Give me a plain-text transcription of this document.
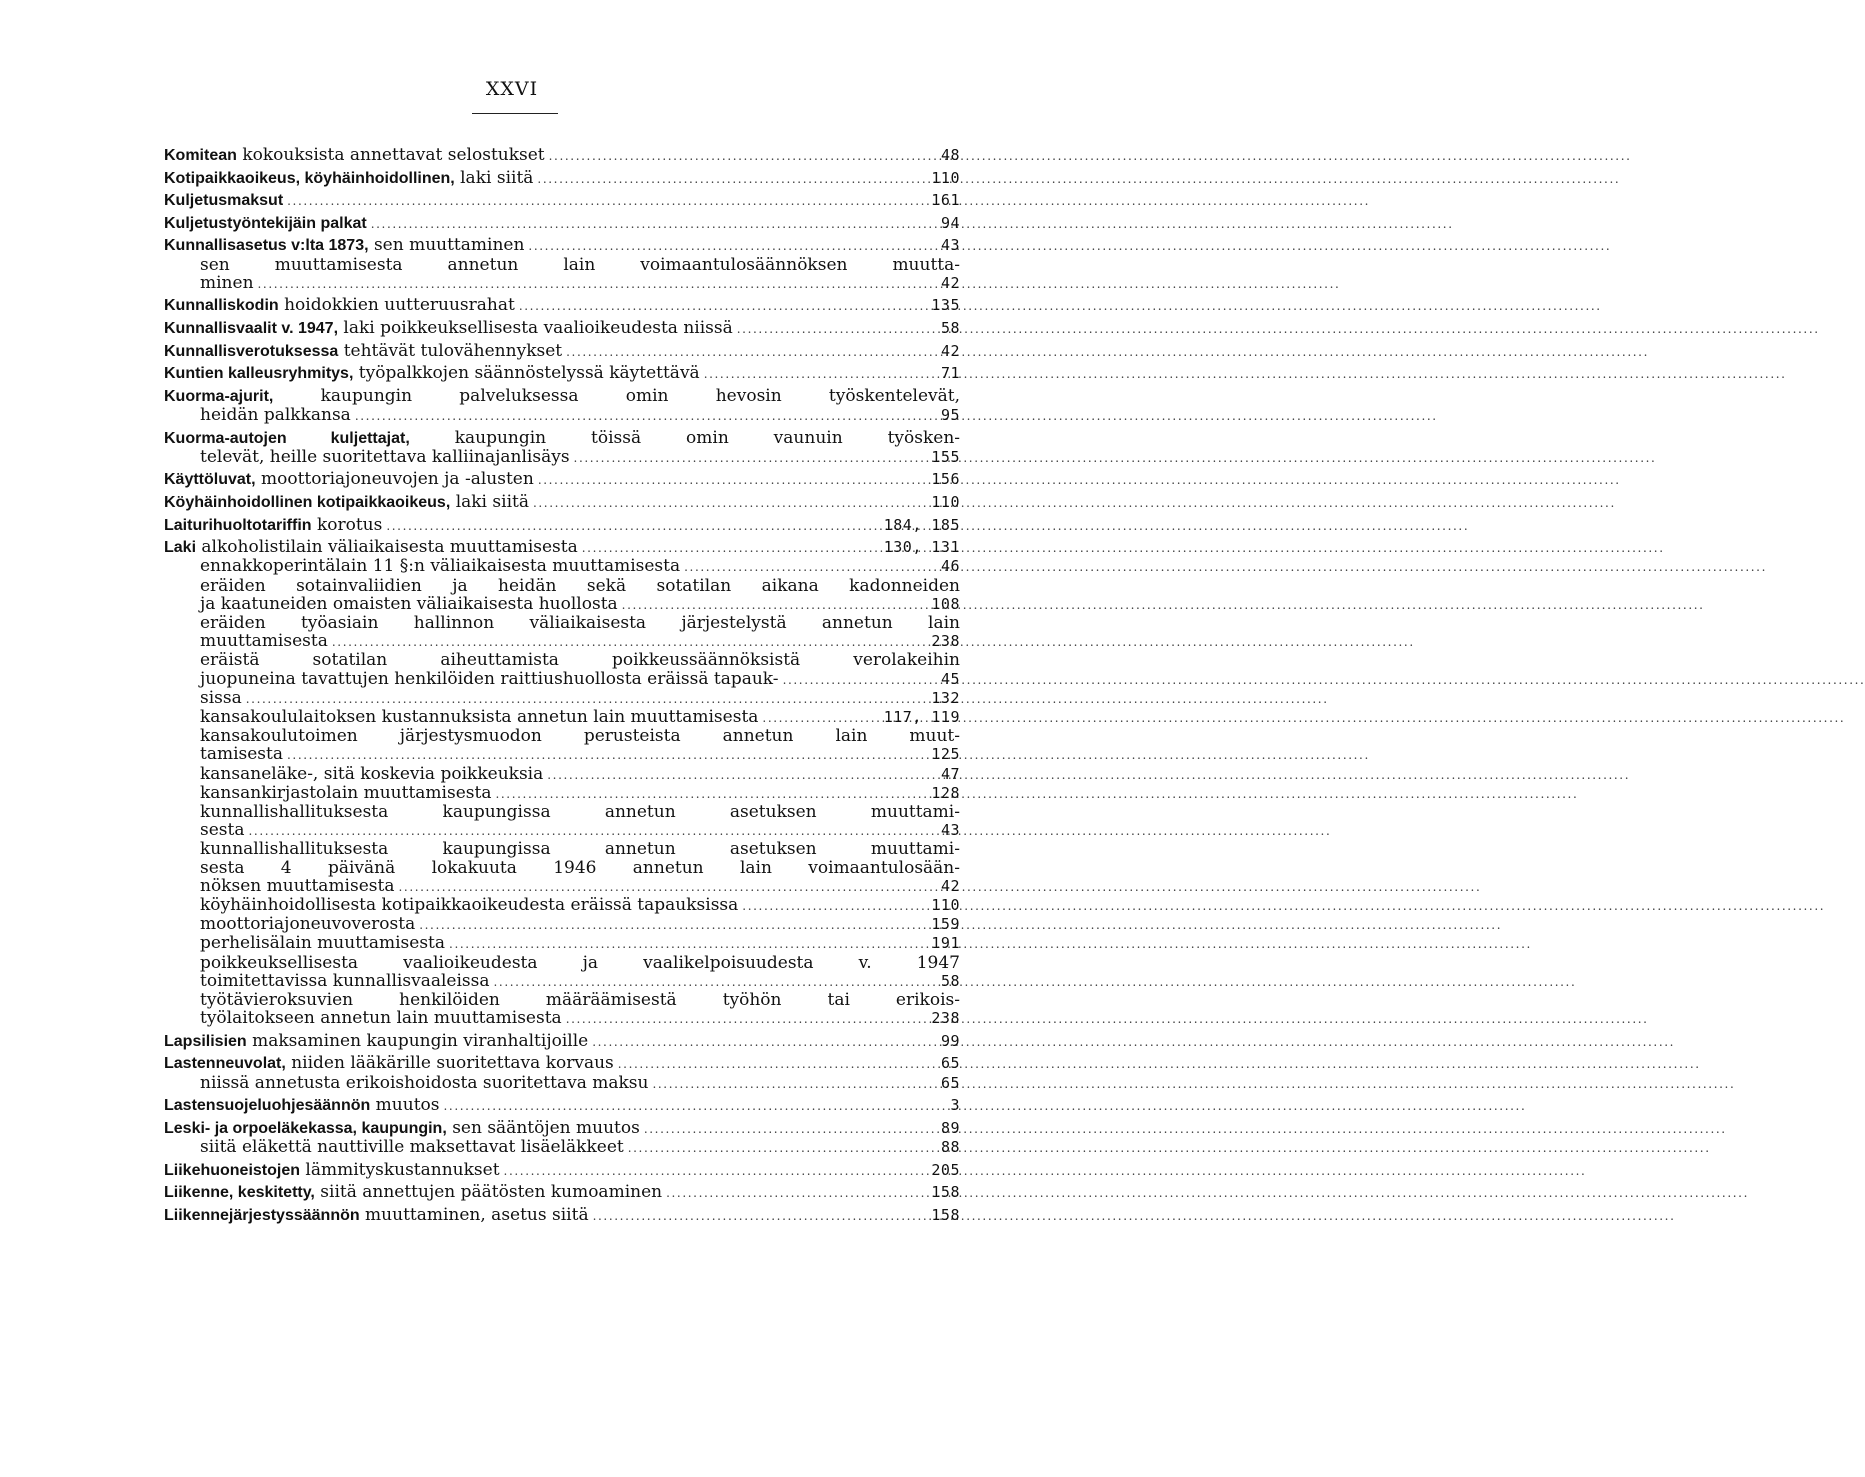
XXVI
Komitean kokouksista annettavat selostukset .....	48
Kotipaikkaoikeus, köyhäinhoidollinen, laki siitä .....	110
Kuljetusmaksut .....	161
Kuljetustyöntekijäin palkat .....	94
Kunnallisasetus v:lta 1873, sen muuttaminen .....	43
sen muuttamisesta annetun lain voimaantulosäännöksen muutta-
minen .....	42
Kunnalliskodin hoidokkien uutteruusrahat .....	135
Kunnallisvaalit v. 1947, laki poikkeuksellisesta vaalioikeudesta niissä .....	58
Kunnallisverotuksessa tehtävät tulovähennykset .....	42
Kuntien kalleusryhmitys, työpalkkojen säännöstelyssä käytettävä .....	71
Kuorma-ajurit,	kaupungin palveluksessa omin hevosin työskentelevät,
heidän palkkansa .....	95
Kuorma-autojen kuljettajat,	kaupungin töissä omin vaunuin työsken-
televät, heille suoritettava kalliinajanlisäys .....	155
Käyttöluvat, moottoriajoneuvojen ja -alusten .....	156
Köyhäinhoidollinen kotipaikkaoikeus, laki siitä .....	110
Laiturihuoltotariffin korotus .....	184, 185
Laki alkoholistilain väliaikaisesta muuttamisesta .....	130, 131
ennakkoperintälain 11 §:n väliaikaisesta muuttamisesta .....	46
eräiden sotainvaliidien ja heidän sekä sotatilan aikana kadonneiden
ja kaatuneiden omaisten väliaikaisesta huollosta .....	108
eräiden työasiain hallinnon väliaikaisesta järjestelystä annetun lain
muuttamisesta .....	238
eräistä sotatilan aiheuttamista poikkeussäännöksistä verolakeihin
juopuneina tavattujen henkilöiden raittiushuollosta eräissä tapauk- .....	45
sissa .....	132
kansakoululaitoksen kustannuksista annetun lain muuttamisesta .....	117, 119
kansakoulutoimen järjestysmuodon perusteista annetun lain muut-
tamisesta .....	125
kansaneläke-, sitä koskevia poikkeuksia .....	47
kansankirjastolain muuttamisesta .....	128
kunnallishallituksesta kaupungissa annetun asetuksen muuttami-
sesta .....	43
kunnallishallituksesta kaupungissa annetun asetuksen muuttami-
sesta 4 päivänä lokakuuta 1946 annetun lain voimaantulosään-
nöksen muuttamisesta .....	42
köyhäinhoidollisesta kotipaikkaoikeudesta eräissä tapauksissa .....	110
moottoriajoneuvoverosta .....	159
perhelisälain muuttamisesta .....	191
poikkeuksellisesta vaalioikeudesta ja vaalikelpoisuudesta v. 1947
toimitettavissa kunnallisvaaleissa .....	58
työtävieroksuvien henkilöiden määräämisestä työhön tai erikois-
työlaitokseen annetun lain muuttamisesta .....	238
Lapsilisien maksaminen kaupungin viranhaltijoille .....	99
Lastenneuvolat, niiden lääkärille suoritettava korvaus .....	65
niissä annetusta erikoishoidosta suoritettava maksu .....	65
Lastensuojeluohjesäännön muutos .....	3
Leski- ja orpoeläkekassa, kaupungin, sen sääntöjen muutos .....	89
siitä eläkettä nauttiville maksettavat lisäeläkkeet .....	88
Liikehuoneistojen lämmityskustannukset .....	205
Liikenne, keskitetty, siitä annettujen päätösten kumoaminen .....	158
Liikennejärjestyssäännön muuttaminen, asetus siitä .....	158
